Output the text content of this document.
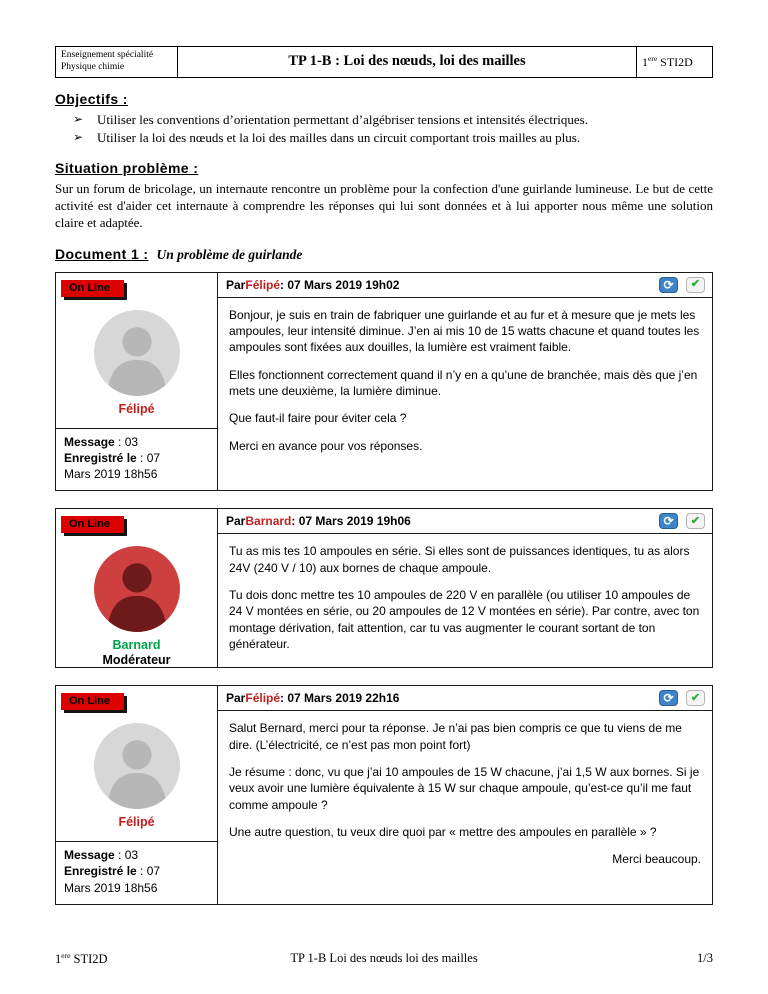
Enseignement spécialité
Physique chimie	TP 1-B : Loi des nœuds, loi des mailles	1ere STI2D
Objectifs :
➢	Utiliser les conventions d’orientation permettant d’algébriser tensions et intensités électriques.
➢	Utiliser la loi des nœuds et la loi des mailles dans un circuit comportant trois mailles au plus.
Situation problème :
Sur un forum de bricolage, un internaute rencontre un problème pour la confection d'une guirlande lumineuse. Le but de cette activité est d'aider cet internaute à comprendre les réponses qui lui sont données et à lui apporter nous même une solution claire et adaptée.
Document 1 : Un problème de guirlande
On Line
Félipé
Message : 03
Enregistré le : 07
Mars 2019 18h56
Par Félipé : 07 Mars 2019 19h02	⟳	✔

Bonjour, je suis en train de fabriquer une guirlande et au fur et à mesure que je mets les ampoules, leur intensité diminue. J’en ai mis 10 de 15 watts chacune et quand toutes les ampoules sont fixées aux douilles, la lumière est vraiment faible.

Elles fonctionnent correctement quand il n’y en a qu’une de branchée, mais dès que j’en mets une deuxième, la lumière diminue.

Que faut-il faire pour éviter cela ?

Merci en avance pour vos réponses.

On Line
Barnard
Modérateur
Par Barnard : 07 Mars 2019 19h06	⟳	✔

Tu as mis tes 10 ampoules en série. Si elles sont de puissances identiques, tu as alors 24V (240 V / 10) aux bornes de chaque ampoule.

Tu dois donc mettre tes 10 ampoules de 220 V en parallèle (ou utiliser 10 ampoules de 24 V montées en série, ou 20 ampoules de 12 V montées en série). Par contre, avec ton montage dérivation, fait attention, car tu vas augmenter le courant sortant de ton générateur.

On Line
Félipé
Message : 03
Enregistré le : 07
Mars 2019 18h56
Par Félipé : 07 Mars 2019 22h16	⟳	✔

Salut Bernard, merci pour ta réponse. Je n’ai pas bien compris ce que tu viens de me dire. (L’électricité, ce n’est pas mon point fort)

Je résume : donc, vu que j’ai 10 ampoules de 15 W chacune, j’ai 1,5 W aux bornes. Si je veux avoir une lumière équivalente à 15 W sur chaque ampoule, qu’est-ce qu’il me faut comme ampoule ?

Une autre question, tu veux dire quoi par « mettre des ampoules en parallèle » ?

Merci beaucoup.

1ere STI2D	TP 1-B Loi des nœuds loi des mailles	1/3
